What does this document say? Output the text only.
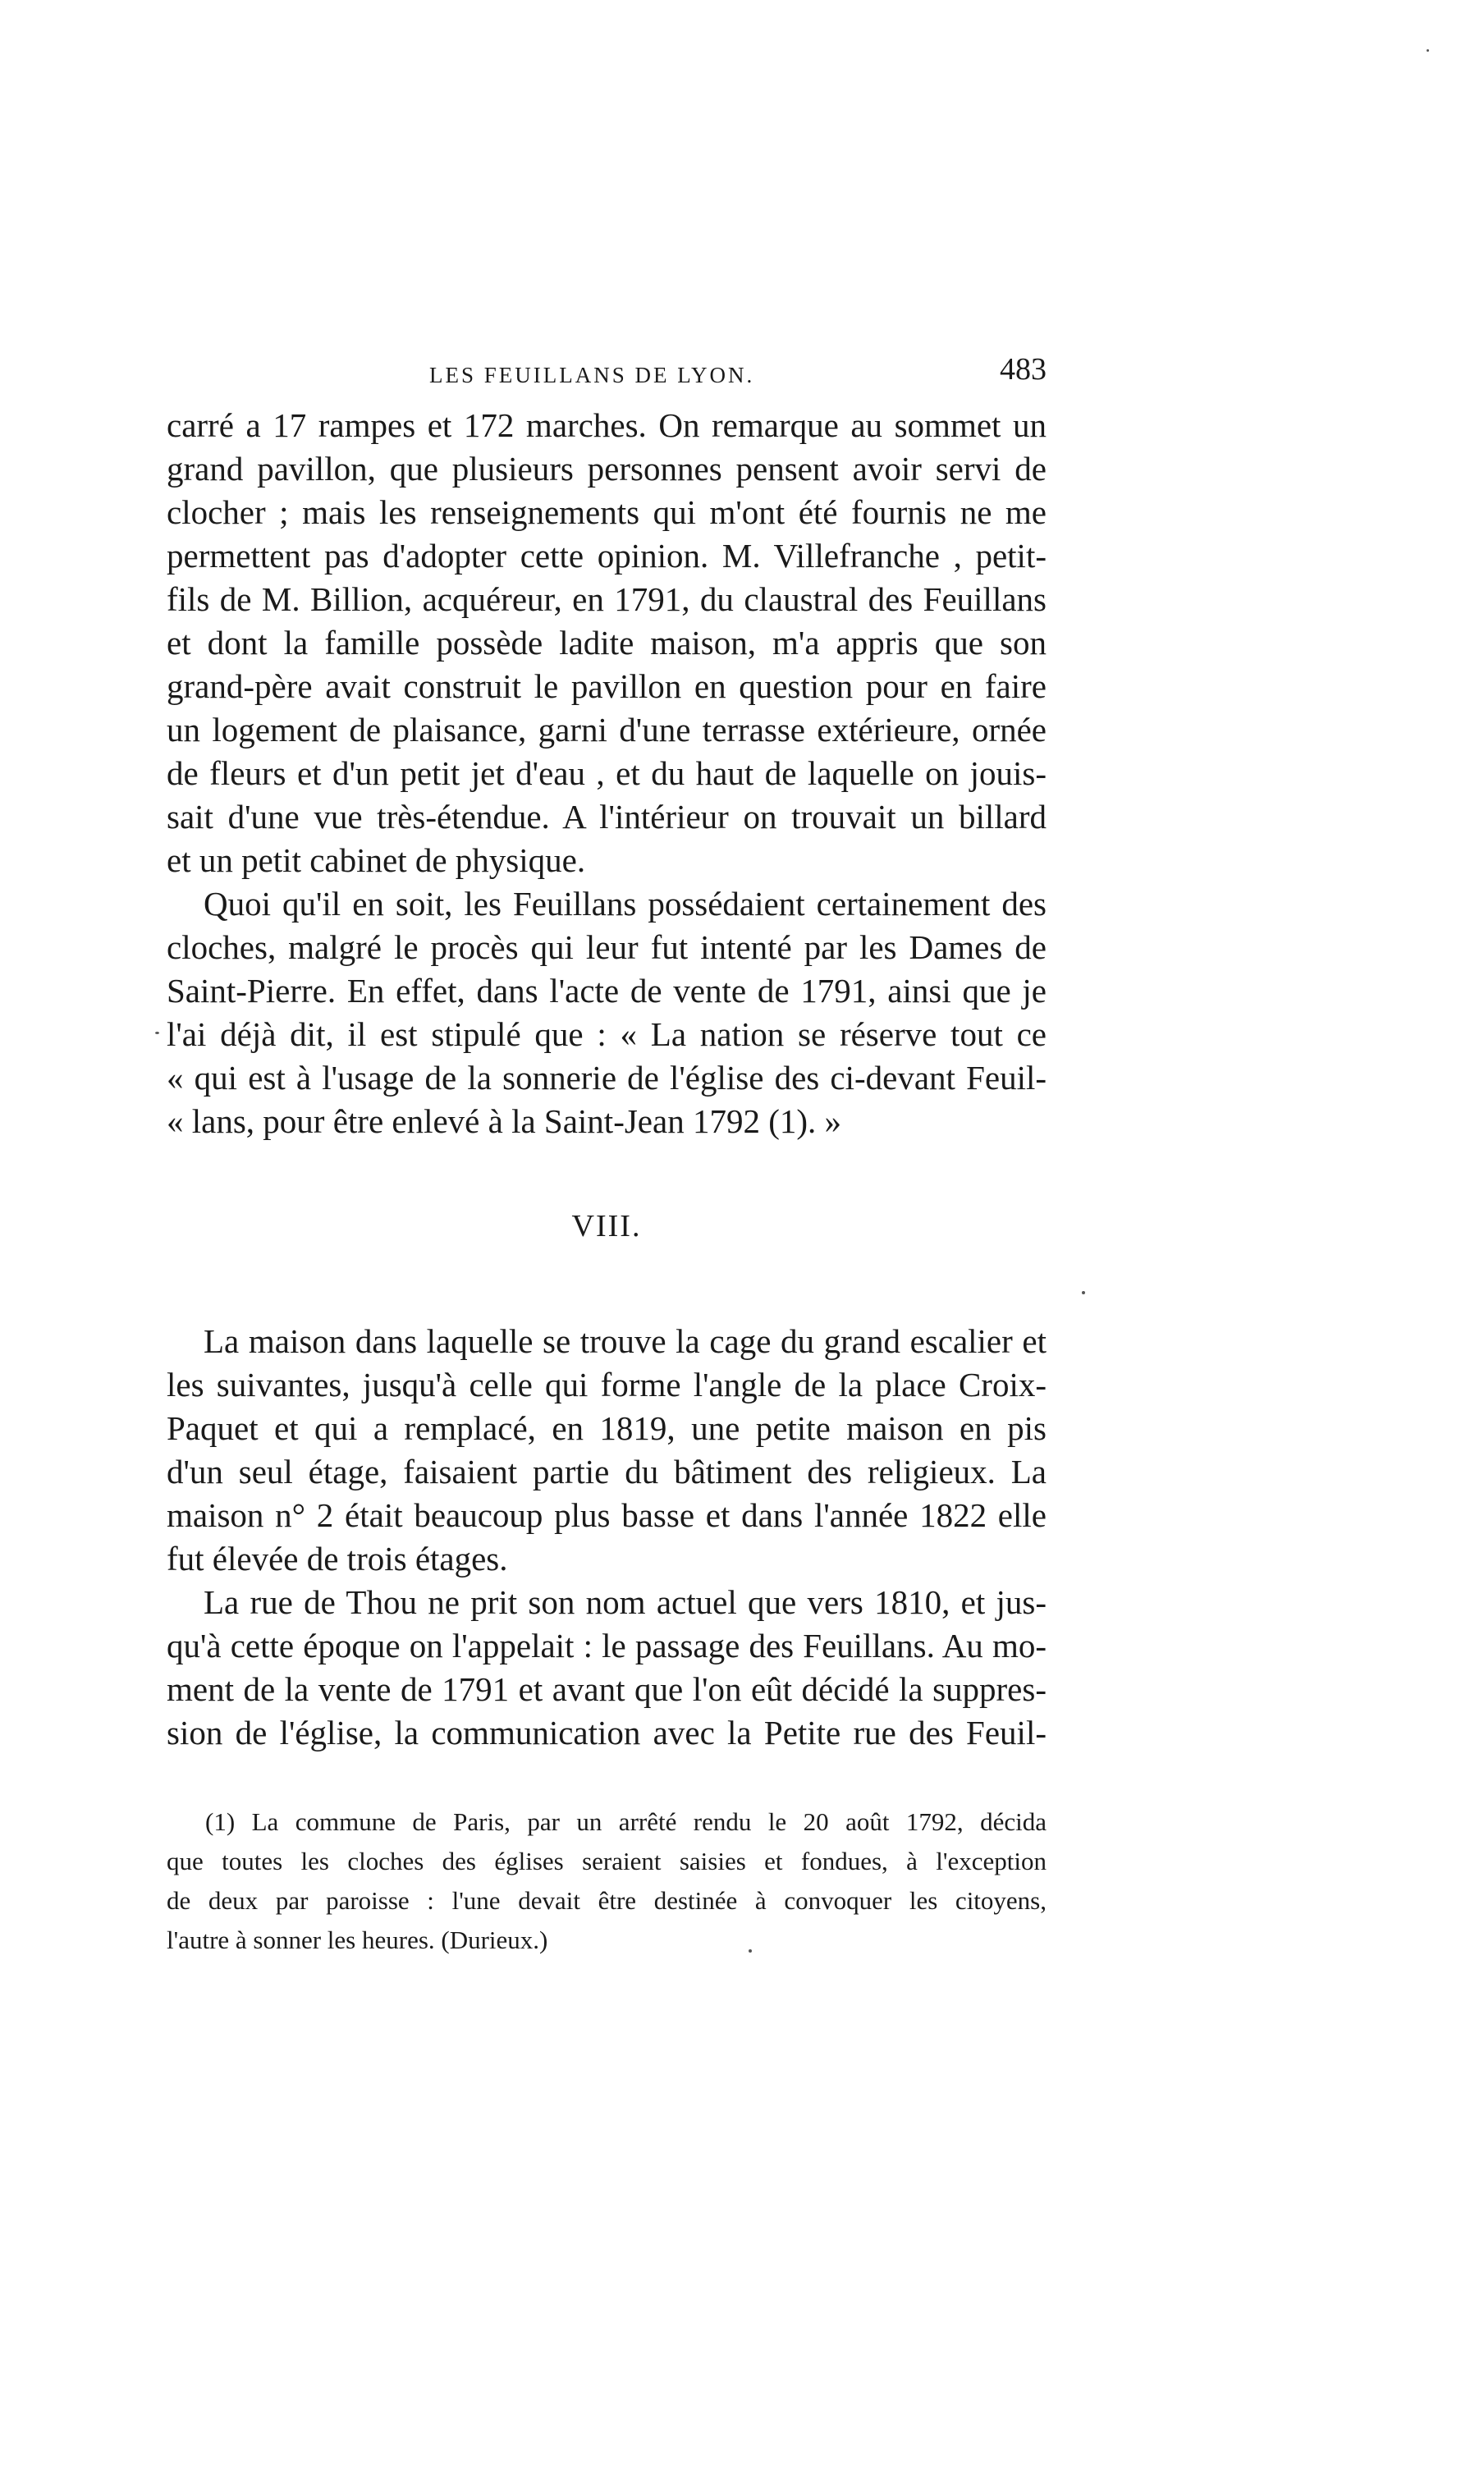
LES FEUILLANS DE LYON.	483
carré a 17 rampes et 172 marches. On remarque au sommet un
grand pavillon, que plusieurs personnes pensent avoir servi de
clocher ; mais les renseignements qui m'ont été fournis ne me
permettent pas d'adopter cette opinion. M. Villefranche , petit-
fils de M. Billion, acquéreur, en 1791, du claustral des Feuillans
et dont la famille possède ladite maison, m'a appris que son
grand-père avait construit le pavillon en question pour en faire
un logement de plaisance, garni d'une terrasse extérieure, ornée
de fleurs et d'un petit jet d'eau , et du haut de laquelle on jouis-
sait d'une vue très-étendue. A l'intérieur on trouvait un billard
et un petit cabinet de physique.
Quoi qu'il en soit, les Feuillans possédaient certainement des
cloches, malgré le procès qui leur fut intenté par les Dames de
Saint-Pierre. En effet, dans l'acte de vente de 1791, ainsi que je
l'ai déjà dit, il est stipulé que : « La nation se réserve tout ce
« qui est à l'usage de la sonnerie de l'église des ci-devant Feuil-
« lans, pour être enlevé à la Saint-Jean 1792 (1). »
VIII.
La maison dans laquelle se trouve la cage du grand escalier et
les suivantes, jusqu'à celle qui forme l'angle de la place Croix-
Paquet et qui a remplacé, en 1819, une petite maison en pis
d'un seul étage, faisaient partie du bâtiment des religieux. La
maison n° 2 était beaucoup plus basse et dans l'année 1822 elle
fut élevée de trois étages.
La rue de Thou ne prit son nom actuel que vers 1810, et jus-
qu'à cette époque on l'appelait : le passage des Feuillans. Au mo-
ment de la vente de 1791 et avant que l'on eût décidé la suppres-
sion de l'église, la communication avec la Petite rue des Feuil-
(1) La commune de Paris, par un arrêté rendu le 20 août 1792, décida
que toutes les cloches des églises seraient saisies et fondues, à l'exception
de deux par paroisse : l'une devait être destinée à convoquer les citoyens,
l'autre à sonner les heures. (Durieux.)
